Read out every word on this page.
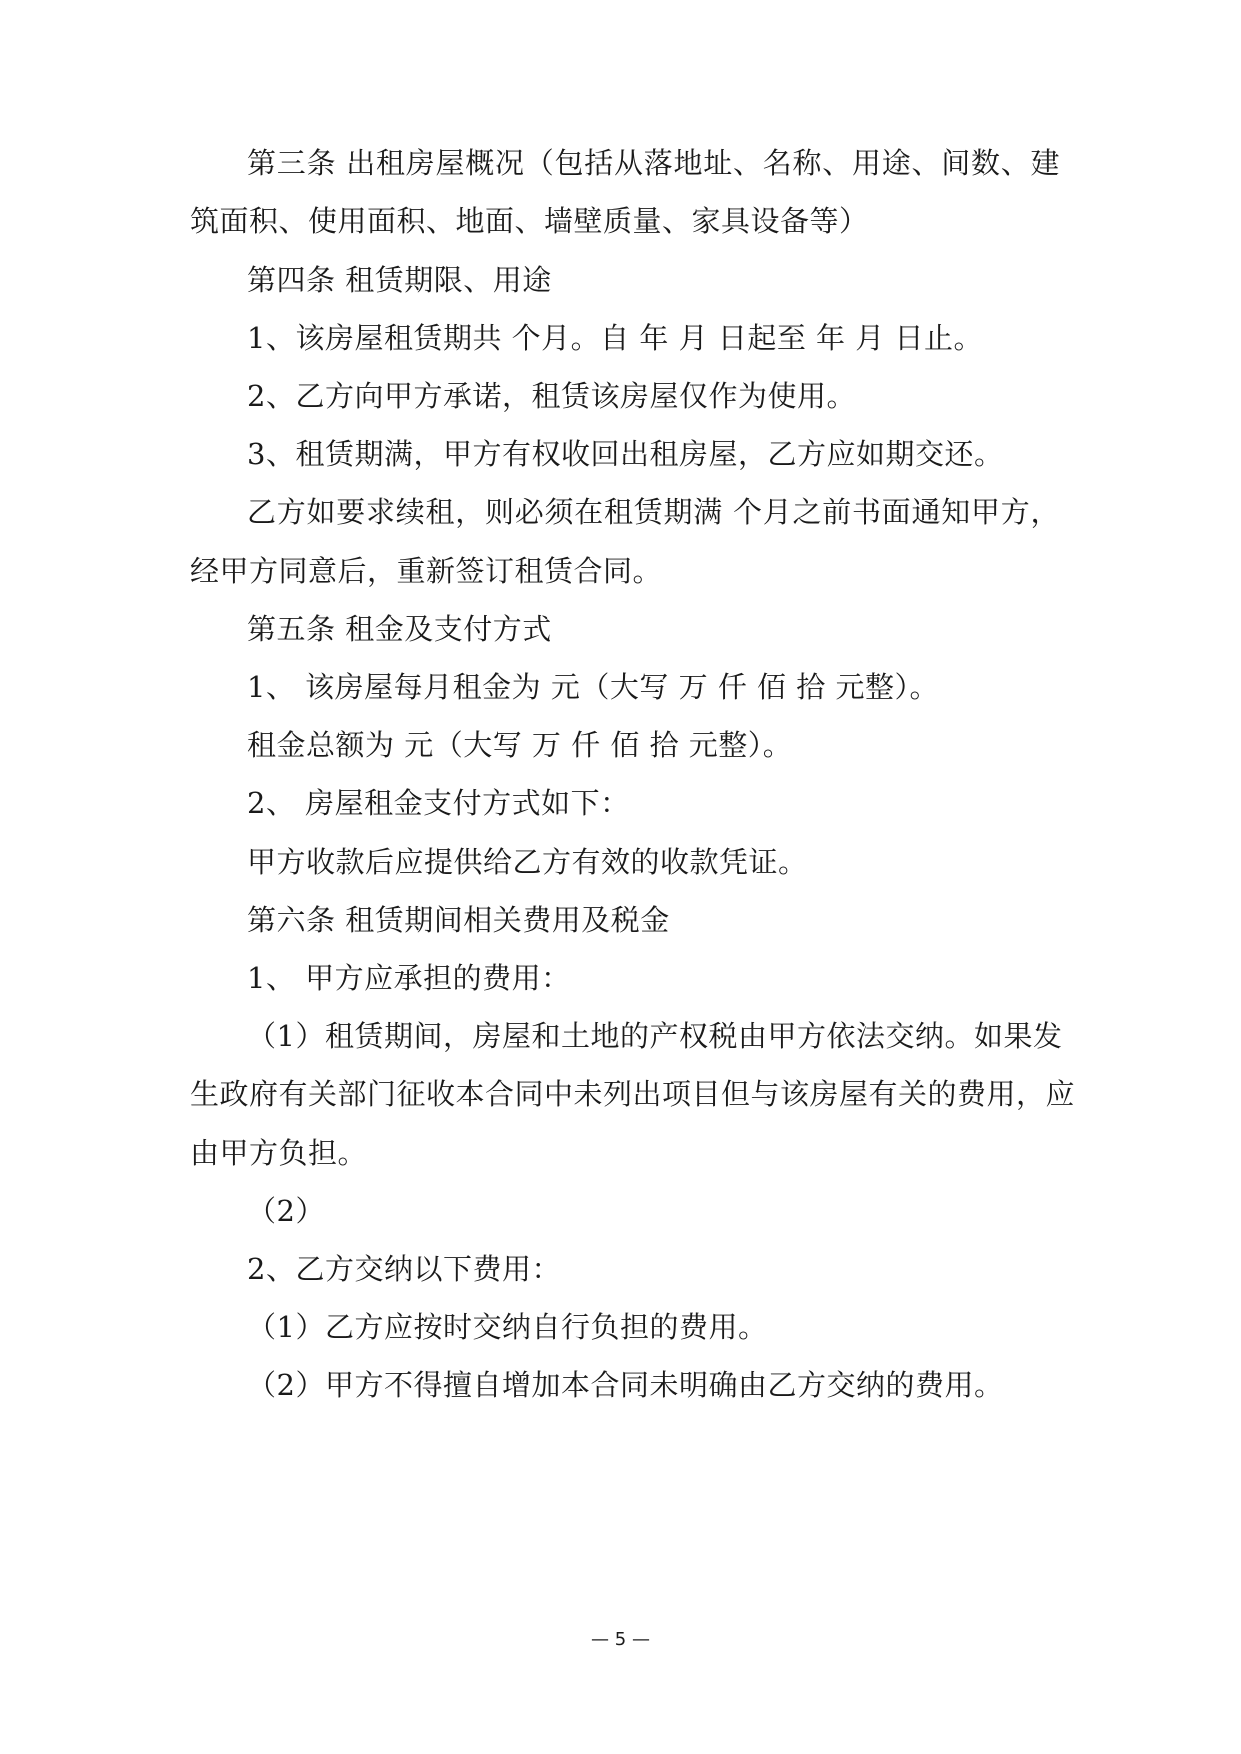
第三条 出租房屋概况（包括从落地址、名称、用途、间数、建
筑面积、使用面积、地面、墙壁质量、家具设备等）
第四条 租赁期限、用途
1、该房屋租赁期共 个月。自 年 月 日起至 年 月 日止。
2、乙方向甲方承诺，租赁该房屋仅作为使用。
3、租赁期满，甲方有权收回出租房屋，乙方应如期交还。
乙方如要求续租，则必须在租赁期满 个月之前书面通知甲方，
经甲方同意后，重新签订租赁合同。
第五条 租金及支付方式
1、 该房屋每月租金为 元（大写 万 仟 佰 拾 元整）。
租金总额为 元（大写 万 仟 佰 拾 元整）。
2、 房屋租金支付方式如下：
甲方收款后应提供给乙方有效的收款凭证。
第六条 租赁期间相关费用及税金
1、 甲方应承担的费用：
（1）租赁期间，房屋和土地的产权税由甲方依法交纳。如果发
生政府有关部门征收本合同中未列出项目但与该房屋有关的费用，应
由甲方负担。
（2）
2、乙方交纳以下费用：
（1）乙方应按时交纳自行负担的费用。
（2）甲方不得擅自增加本合同未明确由乙方交纳的费用。
— 5 —
